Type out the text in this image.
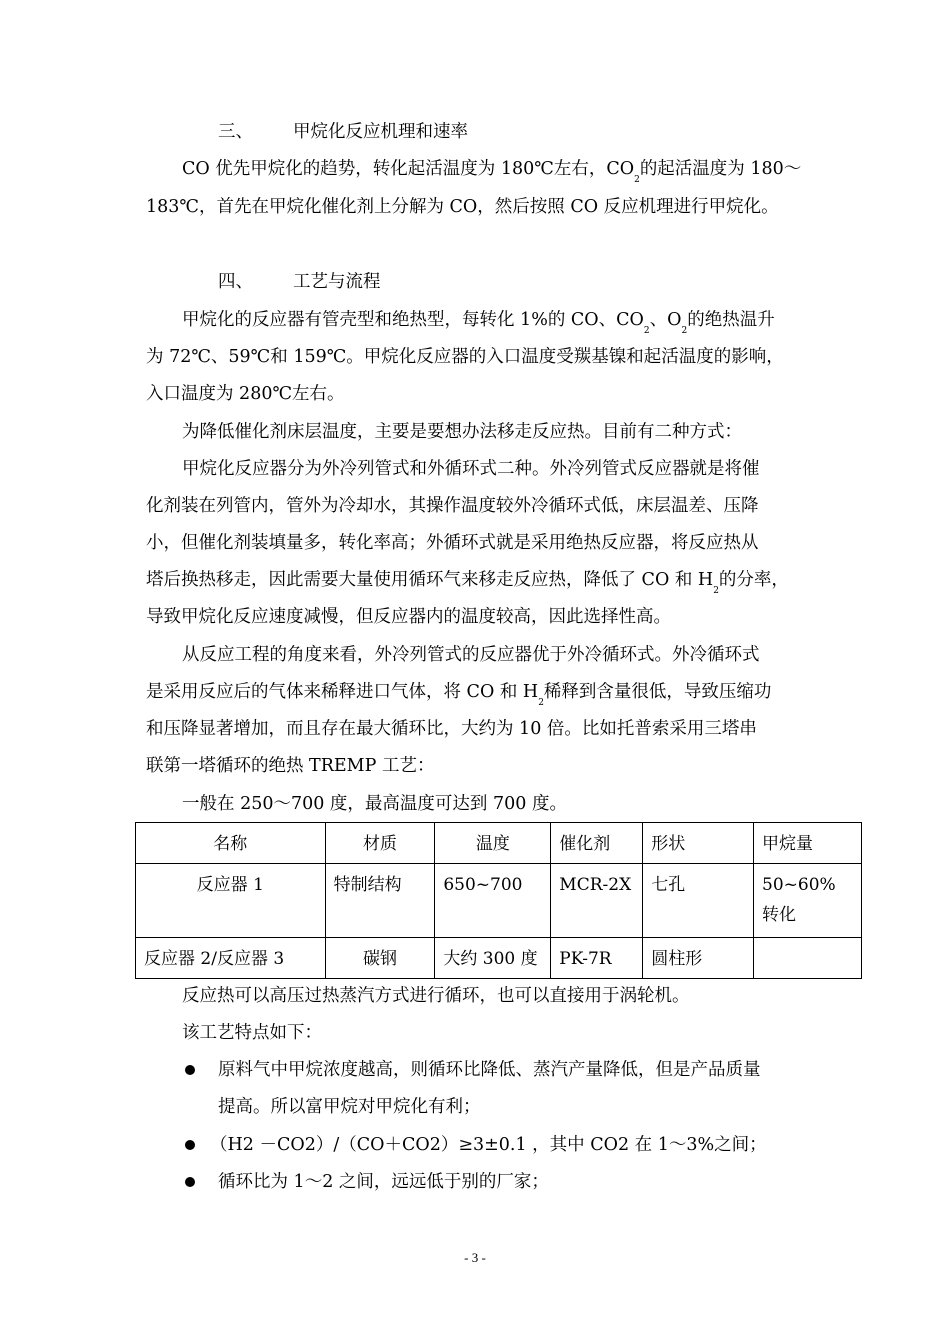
三、 甲烷化反应机理和速率
CO 优先甲烷化的趋势，转化起活温度为 180℃左右，$CO_2$的起活温度为 180～
183℃，首先在甲烷化催化剂上分解为 CO，然后按照 CO 反应机理进行甲烷化。
四、 工艺与流程
甲烷化的反应器有管壳型和绝热型，每转化 1%的 CO、$CO_2$、$O_2$的绝热温升
为 72℃、59℃和 159℃。甲烷化反应器的入口温度受羰基镍和起活温度的影响，
入口温度为 280℃左右。
为降低催化剂床层温度，主要是要想办法移走反应热。目前有二种方式：
甲烷化反应器分为外冷列管式和外循环式二种。外冷列管式反应器就是将催
化剂装在列管内，管外为冷却水，其操作温度较外冷循环式低，床层温差、压降
小，但催化剂装填量多，转化率高；外循环式就是采用绝热反应器，将反应热从
塔后换热移走，因此需要大量使用循环气来移走反应热，降低了 CO 和 $H_2$的分率，
导致甲烷化反应速度减慢，但反应器内的温度较高，因此选择性高。
从反应工程的角度来看，外冷列管式的反应器优于外冷循环式。外冷循环式
是采用反应后的气体来稀释进口气体，将 CO 和 $H_2$稀释到含量很低，导致压缩功
和压降显著增加，而且存在最大循环比，大约为 10 倍。比如托普索采用三塔串
联第一塔循环的绝热 TREMP 工艺：
一般在 250～700 度，最高温度可达到 700 度。
名称	材质	温度	催化剂	形状	甲烷量
反应器 1	特制结构	650~700	MCR-2X	七孔	50~60%  转化
反应器 2/反应器 3	碳钢	大约 300 度	PK-7R	圆柱形	
反应热可以高压过热蒸汽方式进行循环，也可以直接用于涡轮机。
该工艺特点如下：
原料气中甲烷浓度越高，则循环比降低、蒸汽产量降低，但是产品质量
提高。所以富甲烷对甲烷化有利；
（H2 －CO2）/（CO＋CO2）≥3±0.1 ，其中 CO2 在 1～3%之间；
循环比为 1～2 之间，远远低于别的厂家；
- 3 -
